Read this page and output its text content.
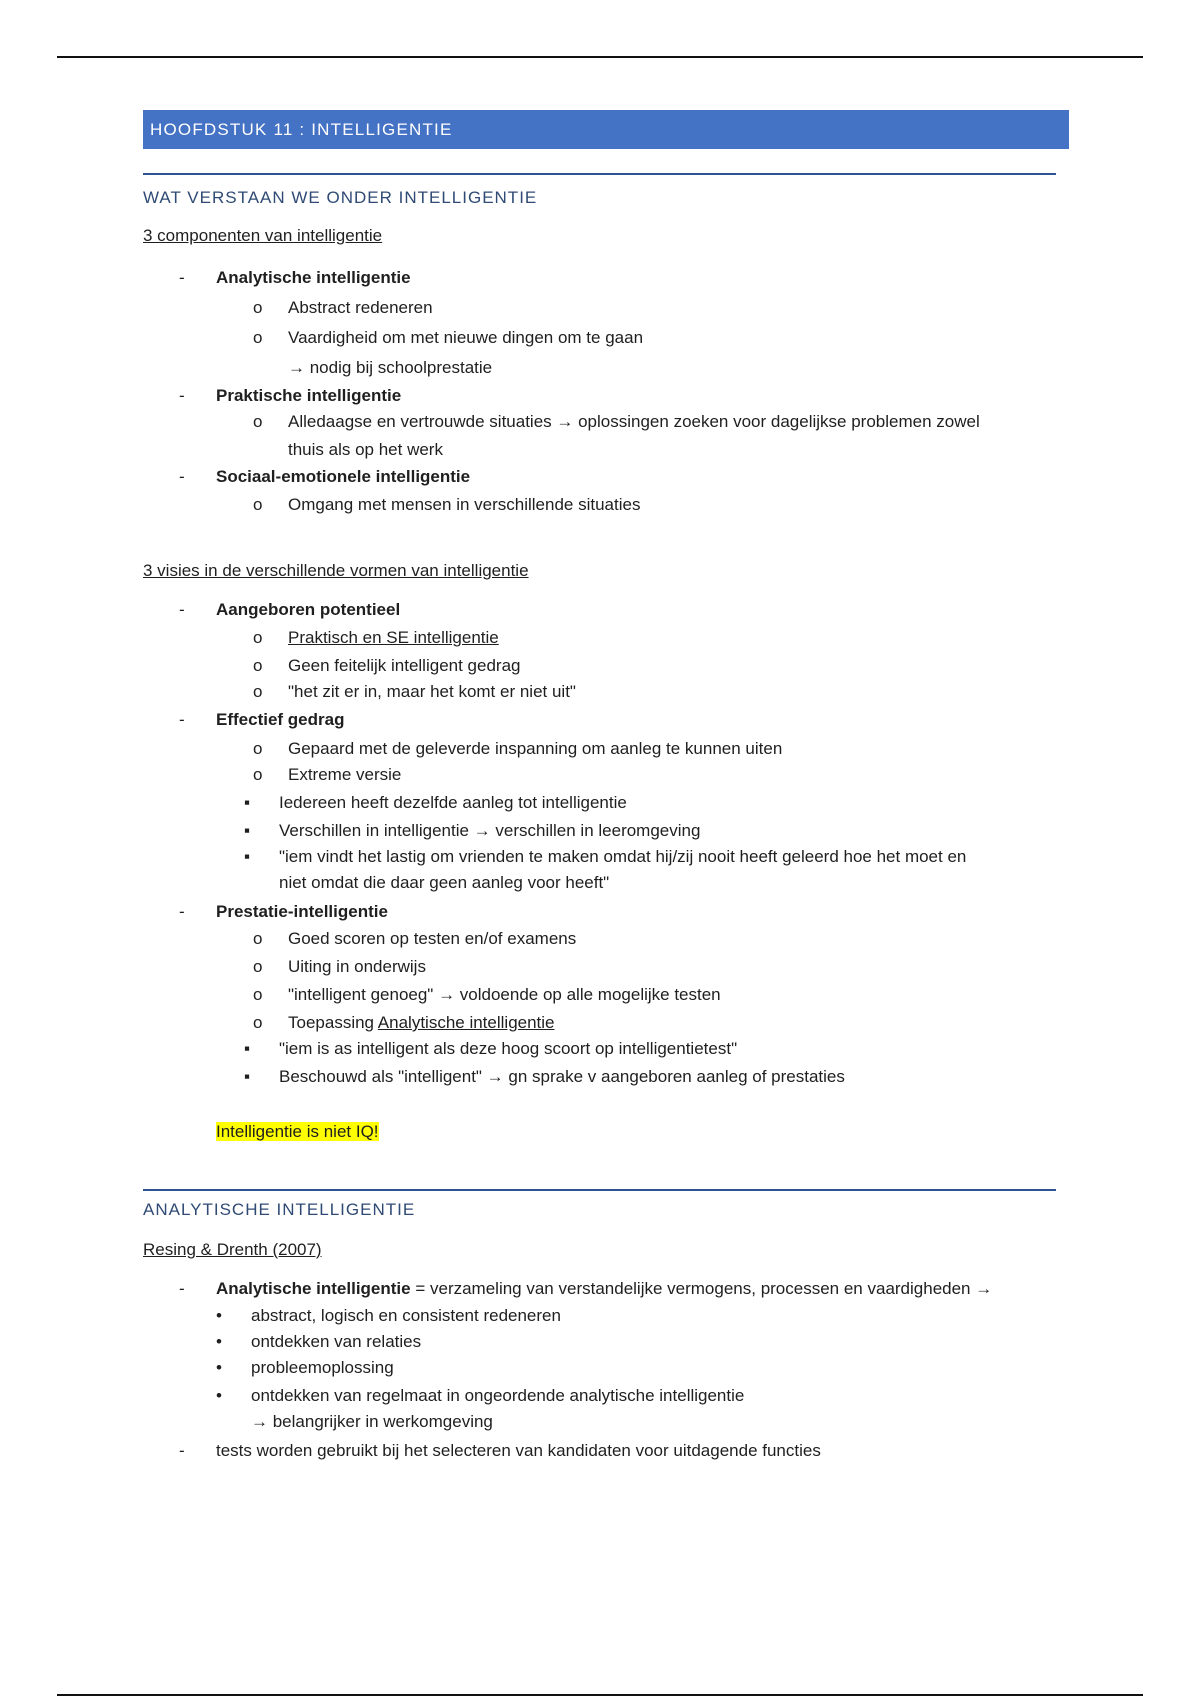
HOOFDSTUK 11 : INTELLIGENTIE
WAT VERSTAAN WE ONDER INTELLIGENTIE
3 componenten van intelligentie
- Analytische intelligentie
o Abstract redeneren
o Vaardigheid om met nieuwe dingen om te gaan
→ nodig bij schoolprestatie
- Praktische intelligentie
o Alledaagse en vertrouwde situaties → oplossingen zoeken voor dagelijkse problemen zowel
thuis als op het werk
- Sociaal-emotionele intelligentie
o Omgang met mensen in verschillende situaties
3 visies in de verschillende vormen van intelligentie
- Aangeboren potentieel
o Praktisch en SE intelligentie
o Geen feitelijk intelligent gedrag
o "het zit er in, maar het komt er niet uit"
- Effectief gedrag
o Gepaard met de geleverde inspanning om aanleg te kunnen uiten
o Extreme versie
▪ Iedereen heeft dezelfde aanleg tot intelligentie
▪ Verschillen in intelligentie → verschillen in leeromgeving
▪ "iem vindt het lastig om vrienden te maken omdat hij/zij nooit heeft geleerd hoe het moet en
niet omdat die daar geen aanleg voor heeft"
- Prestatie-intelligentie
o Goed scoren op testen en/of examens
o Uiting in onderwijs
o "intelligent genoeg" → voldoende op alle mogelijke testen
o Toepassing Analytische intelligentie
▪ "iem is as intelligent als deze hoog scoort op intelligentietest"
▪ Beschouwd als "intelligent" → gn sprake v aangeboren aanleg of prestaties
Intelligentie is niet IQ!
ANALYTISCHE INTELLIGENTIE
Resing & Drenth (2007)
- Analytische intelligentie = verzameling van verstandelijke vermogens, processen en vaardigheden →
• abstract, logisch en consistent redeneren
• ontdekken van relaties
• probleemoplossing
• ontdekken van regelmaat in ongeordende analytische intelligentie
→ belangrijker in werkomgeving
- tests worden gebruikt bij het selecteren van kandidaten voor uitdagende functies
